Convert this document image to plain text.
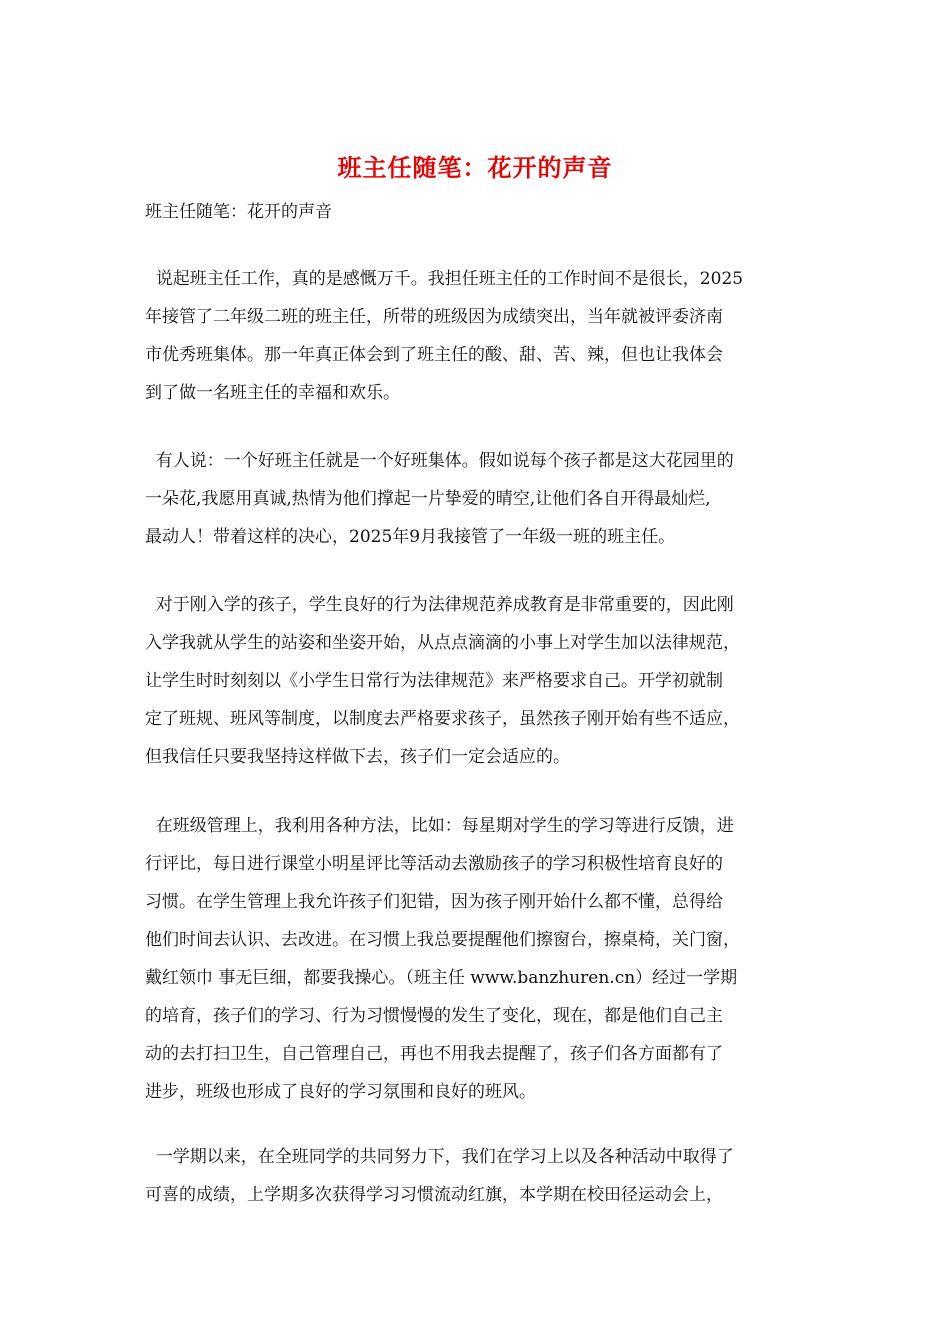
班主任随笔：花开的声音
班主任随笔：花开的声音
说起班主任工作，真的是感慨万千。我担任班主任的工作时间不是很长，2025
年接管了二年级二班的班主任，所带的班级因为成绩突出，当年就被评委济南
市优秀班集体。那一年真正体会到了班主任的酸、甜、苦、辣，但也让我体会
到了做一名班主任的幸福和欢乐。
有人说：一个好班主任就是一个好班集体。假如说每个孩子都是这大花园里的
一朵花,我愿用真诚,热情为他们撑起一片挚爱的晴空,让他们各自开得最灿烂,
最动人！带着这样的决心，2025年9月我接管了一年级一班的班主任。
对于刚入学的孩子，学生良好的行为法律规范养成教育是非常重要的，因此刚
入学我就从学生的站姿和坐姿开始，从点点滴滴的小事上对学生加以法律规范，
让学生时时刻刻以《小学生日常行为法律规范》来严格要求自己。开学初就制
定了班规、班风等制度，以制度去严格要求孩子，虽然孩子刚开始有些不适应，
但我信任只要我坚持这样做下去，孩子们一定会适应的。
在班级管理上，我利用各种方法，比如：每星期对学生的学习等进行反馈，进
行评比，每日进行课堂小明星评比等活动去激励孩子的学习积极性培育良好的
习惯。在学生管理上我允许孩子们犯错，因为孩子刚开始什么都不懂，总得给
他们时间去认识、去改进。在习惯上我总要提醒他们擦窗台，擦桌椅，关门窗，
戴红领巾 事无巨细，都要我操心。（班主任 www.banzhuren.cn）经过一学期
的培育，孩子们的学习、行为习惯慢慢的发生了变化，现在，都是他们自己主
动的去打扫卫生，自己管理自己，再也不用我去提醒了，孩子们各方面都有了
进步，班级也形成了良好的学习氛围和良好的班风。
一学期以来，在全班同学的共同努力下，我们在学习上以及各种活动中取得了
可喜的成绩，上学期多次获得学习习惯流动红旗，本学期在校田径运动会上，
